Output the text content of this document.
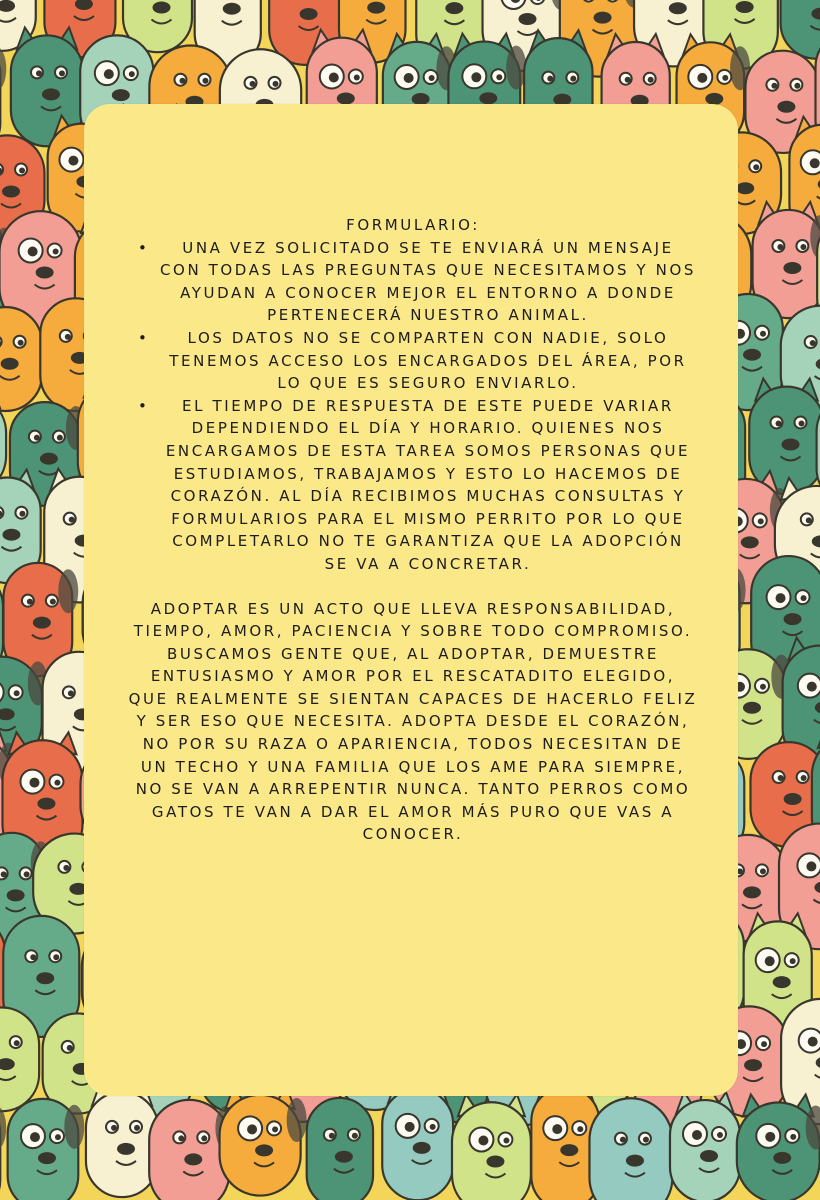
FORMULARIO:

• UNA VEZ SOLICITADO SE TE ENVIARÁ UN MENSAJE CON TODAS LAS PREGUNTAS QUE NECESITAMOS Y NOS AYUDAN A CONOCER MEJOR EL ENTORNO A DONDE PERTENECERÁ NUESTRO ANIMAL.
• LOS DATOS NO SE COMPARTEN CON NADIE, SOLO TENEMOS ACCESO LOS ENCARGADOS DEL ÁREA, POR LO QUE ES SEGURO ENVIARLO.
• EL TIEMPO DE RESPUESTA DE ESTE PUEDE VARIAR DEPENDIENDO EL DÍA Y HORARIO. QUIENES NOS ENCARGAMOS DE ESTA TAREA SOMOS PERSONAS QUE ESTUDIAMOS, TRABAJAMOS Y ESTO LO HACEMOS DE CORAZÓN. AL DÍA RECIBIMOS MUCHAS CONSULTAS Y FORMULARIOS PARA EL MISMO PERRITO POR LO QUE COMPLETARLO NO TE GARANTIZA QUE LA ADOPCIÓN SE VA A CONCRETAR.

ADOPTAR ES UN ACTO QUE LLEVA RESPONSABILIDAD, TIEMPO, AMOR, PACIENCIA Y SOBRE TODO COMPROMISO. BUSCAMOS GENTE QUE, AL ADOPTAR, DEMUESTRE ENTUSIASMO Y AMOR POR EL RESCATADITO ELEGIDO, QUE REALMENTE SE SIENTAN CAPACES DE HACERLO FELIZ Y SER ESO QUE NECESITA. ADOPTA DESDE EL CORAZÓN, NO POR SU RAZA O APARIENCIA, TODOS NECESITAN DE UN TECHO Y UNA FAMILIA QUE LOS AME PARA SIEMPRE, NO SE VAN A ARREPENTIR NUNCA. TANTO PERROS COMO GATOS TE VAN A DAR EL AMOR MÁS PURO QUE VAS A CONOCER.
